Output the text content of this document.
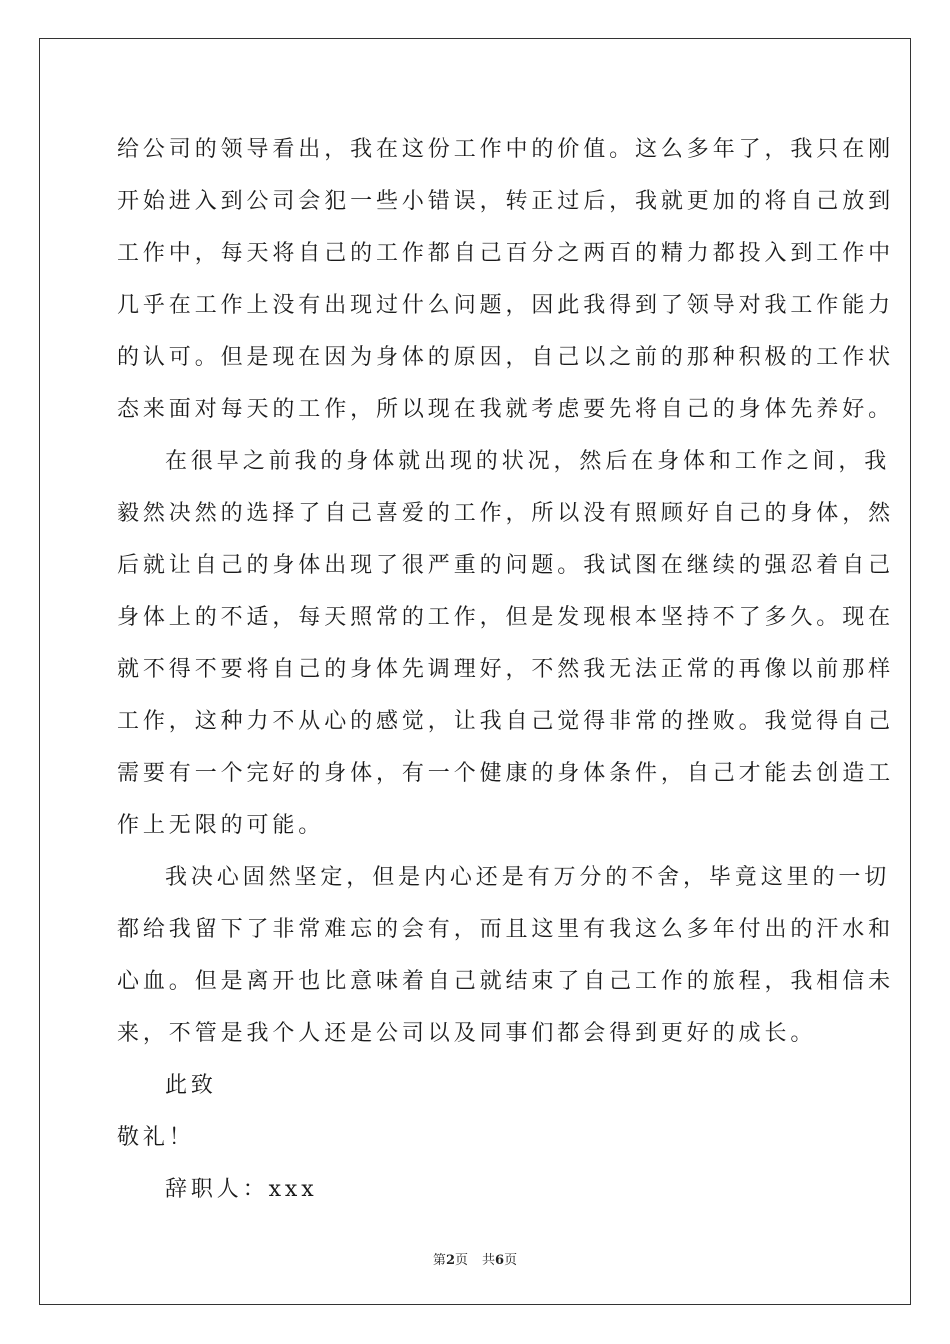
给公司的领导看出，我在这份工作中的价值。这么多年了，我只在刚
开始进入到公司会犯一些小错误，转正过后，我就更加的将自己放到
工作中，每天将自己的工作都自己百分之两百的精力都投入到工作中
几乎在工作上没有出现过什么问题，因此我得到了领导对我工作能力
的认可。但是现在因为身体的原因，自己以之前的那种积极的工作状
态来面对每天的工作，所以现在我就考虑要先将自己的身体先养好。
在很早之前我的身体就出现的状况，然后在身体和工作之间，我
毅然决然的选择了自己喜爱的工作，所以没有照顾好自己的身体，然
后就让自己的身体出现了很严重的问题。我试图在继续的强忍着自己
身体上的不适，每天照常的工作，但是发现根本坚持不了多久。现在
就不得不要将自己的身体先调理好，不然我无法正常的再像以前那样
工作，这种力不从心的感觉，让我自己觉得非常的挫败。我觉得自己
需要有一个完好的身体，有一个健康的身体条件，自己才能去创造工
作上无限的可能。
我决心固然坚定，但是内心还是有万分的不舍，毕竟这里的一切
都给我留下了非常难忘的会有，而且这里有我这么多年付出的汗水和
心血。但是离开也比意味着自己就结束了自己工作的旅程，我相信未
来，不管是我个人还是公司以及同事们都会得到更好的成长。
此致
敬礼！
辞职人：xxx
第2页 共6页
